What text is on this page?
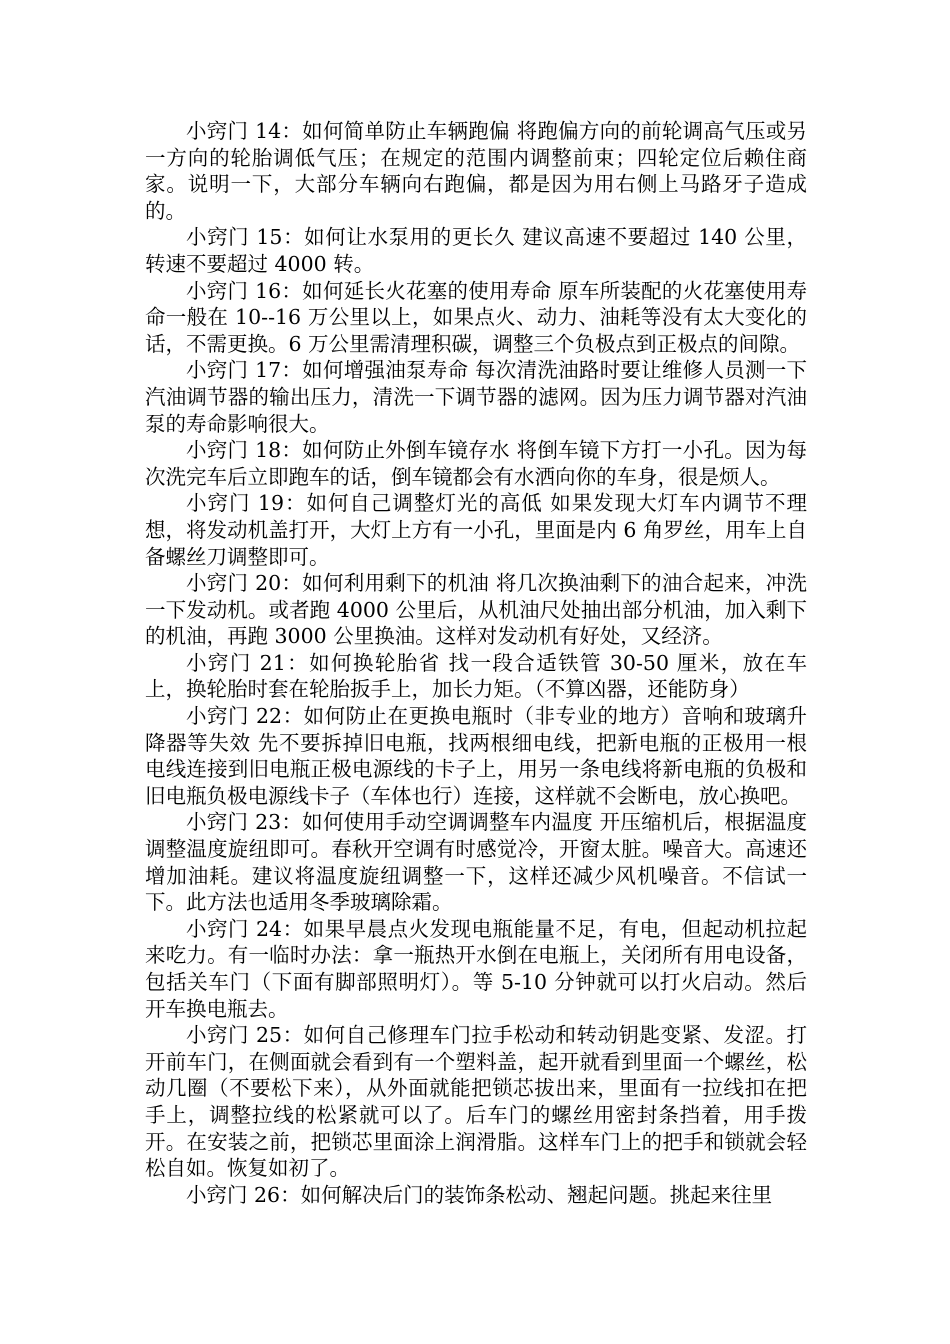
小窍门 14：如何简单防止车辆跑偏 将跑偏方向的前轮调高气压或另一方向的轮胎调低气压；在规定的范围内调整前束；四轮定位后赖住商家。说明一下，大部分车辆向右跑偏，都是因为用右侧上马路牙子造成的。

小窍门 15：如何让水泵用的更长久 建议高速不要超过 140 公里，转速不要超过 4000 转。

小窍门 16：如何延长火花塞的使用寿命 原车所装配的火花塞使用寿命一般在 10--16 万公里以上，如果点火、动力、油耗等没有太大变化的话，不需更换。6 万公里需清理积碳，调整三个负极点到正极点的间隙。

小窍门 17：如何增强油泵寿命 每次清洗油路时要让维修人员测一下汽油调节器的输出压力，清洗一下调节器的滤网。因为压力调节器对汽油泵的寿命影响很大。

小窍门 18：如何防止外倒车镜存水 将倒车镜下方打一小孔。因为每次洗完车后立即跑车的话，倒车镜都会有水洒向你的车身，很是烦人。

小窍门 19：如何自己调整灯光的高低 如果发现大灯车内调节不理想，将发动机盖打开，大灯上方有一小孔，里面是内 6 角罗丝，用车上自备螺丝刀调整即可。

小窍门 20：如何利用剩下的机油 将几次换油剩下的油合起来，冲洗一下发动机。或者跑 4000 公里后，从机油尺处抽出部分机油，加入剩下的机油，再跑 3000 公里换油。这样对发动机有好处，又经济。

小窍门 21：如何换轮胎省 找一段合适铁管 30-50 厘米，放在车上，换轮胎时套在轮胎扳手上，加长力矩。（不算凶器，还能防身）

小窍门 22：如何防止在更换电瓶时（非专业的地方）音响和玻璃升降器等失效 先不要拆掉旧电瓶，找两根细电线，把新电瓶的正极用一根电线连接到旧电瓶正极电源线的卡子上，用另一条电线将新电瓶的负极和旧电瓶负极电源线卡子（车体也行）连接，这样就不会断电，放心换吧。

小窍门 23：如何使用手动空调调整车内温度 开压缩机后，根据温度调整温度旋纽即可。春秋开空调有时感觉冷，开窗太脏。噪音大。高速还增加油耗。建议将温度旋纽调整一下，这样还减少风机噪音。不信试一下。此方法也适用冬季玻璃除霜。

小窍门 24：如果早晨点火发现电瓶能量不足，有电，但起动机拉起来吃力。有一临时办法：拿一瓶热开水倒在电瓶上，关闭所有用电设备，包括关车门（下面有脚部照明灯）。等 5-10 分钟就可以打火启动。然后开车换电瓶去。

小窍门 25：如何自己修理车门拉手松动和转动钥匙变紧、发涩。打开前车门，在侧面就会看到有一个塑料盖，起开就看到里面一个螺丝，松动几圈（不要松下来），从外面就能把锁芯拔出来，里面有一拉线扣在把手上，调整拉线的松紧就可以了。后车门的螺丝用密封条挡着，用手拨开。在安装之前，把锁芯里面涂上润滑脂。这样车门上的把手和锁就会轻松自如。恢复如初了。

小窍门 26：如何解决后门的装饰条松动、翘起问题。挑起来往里
